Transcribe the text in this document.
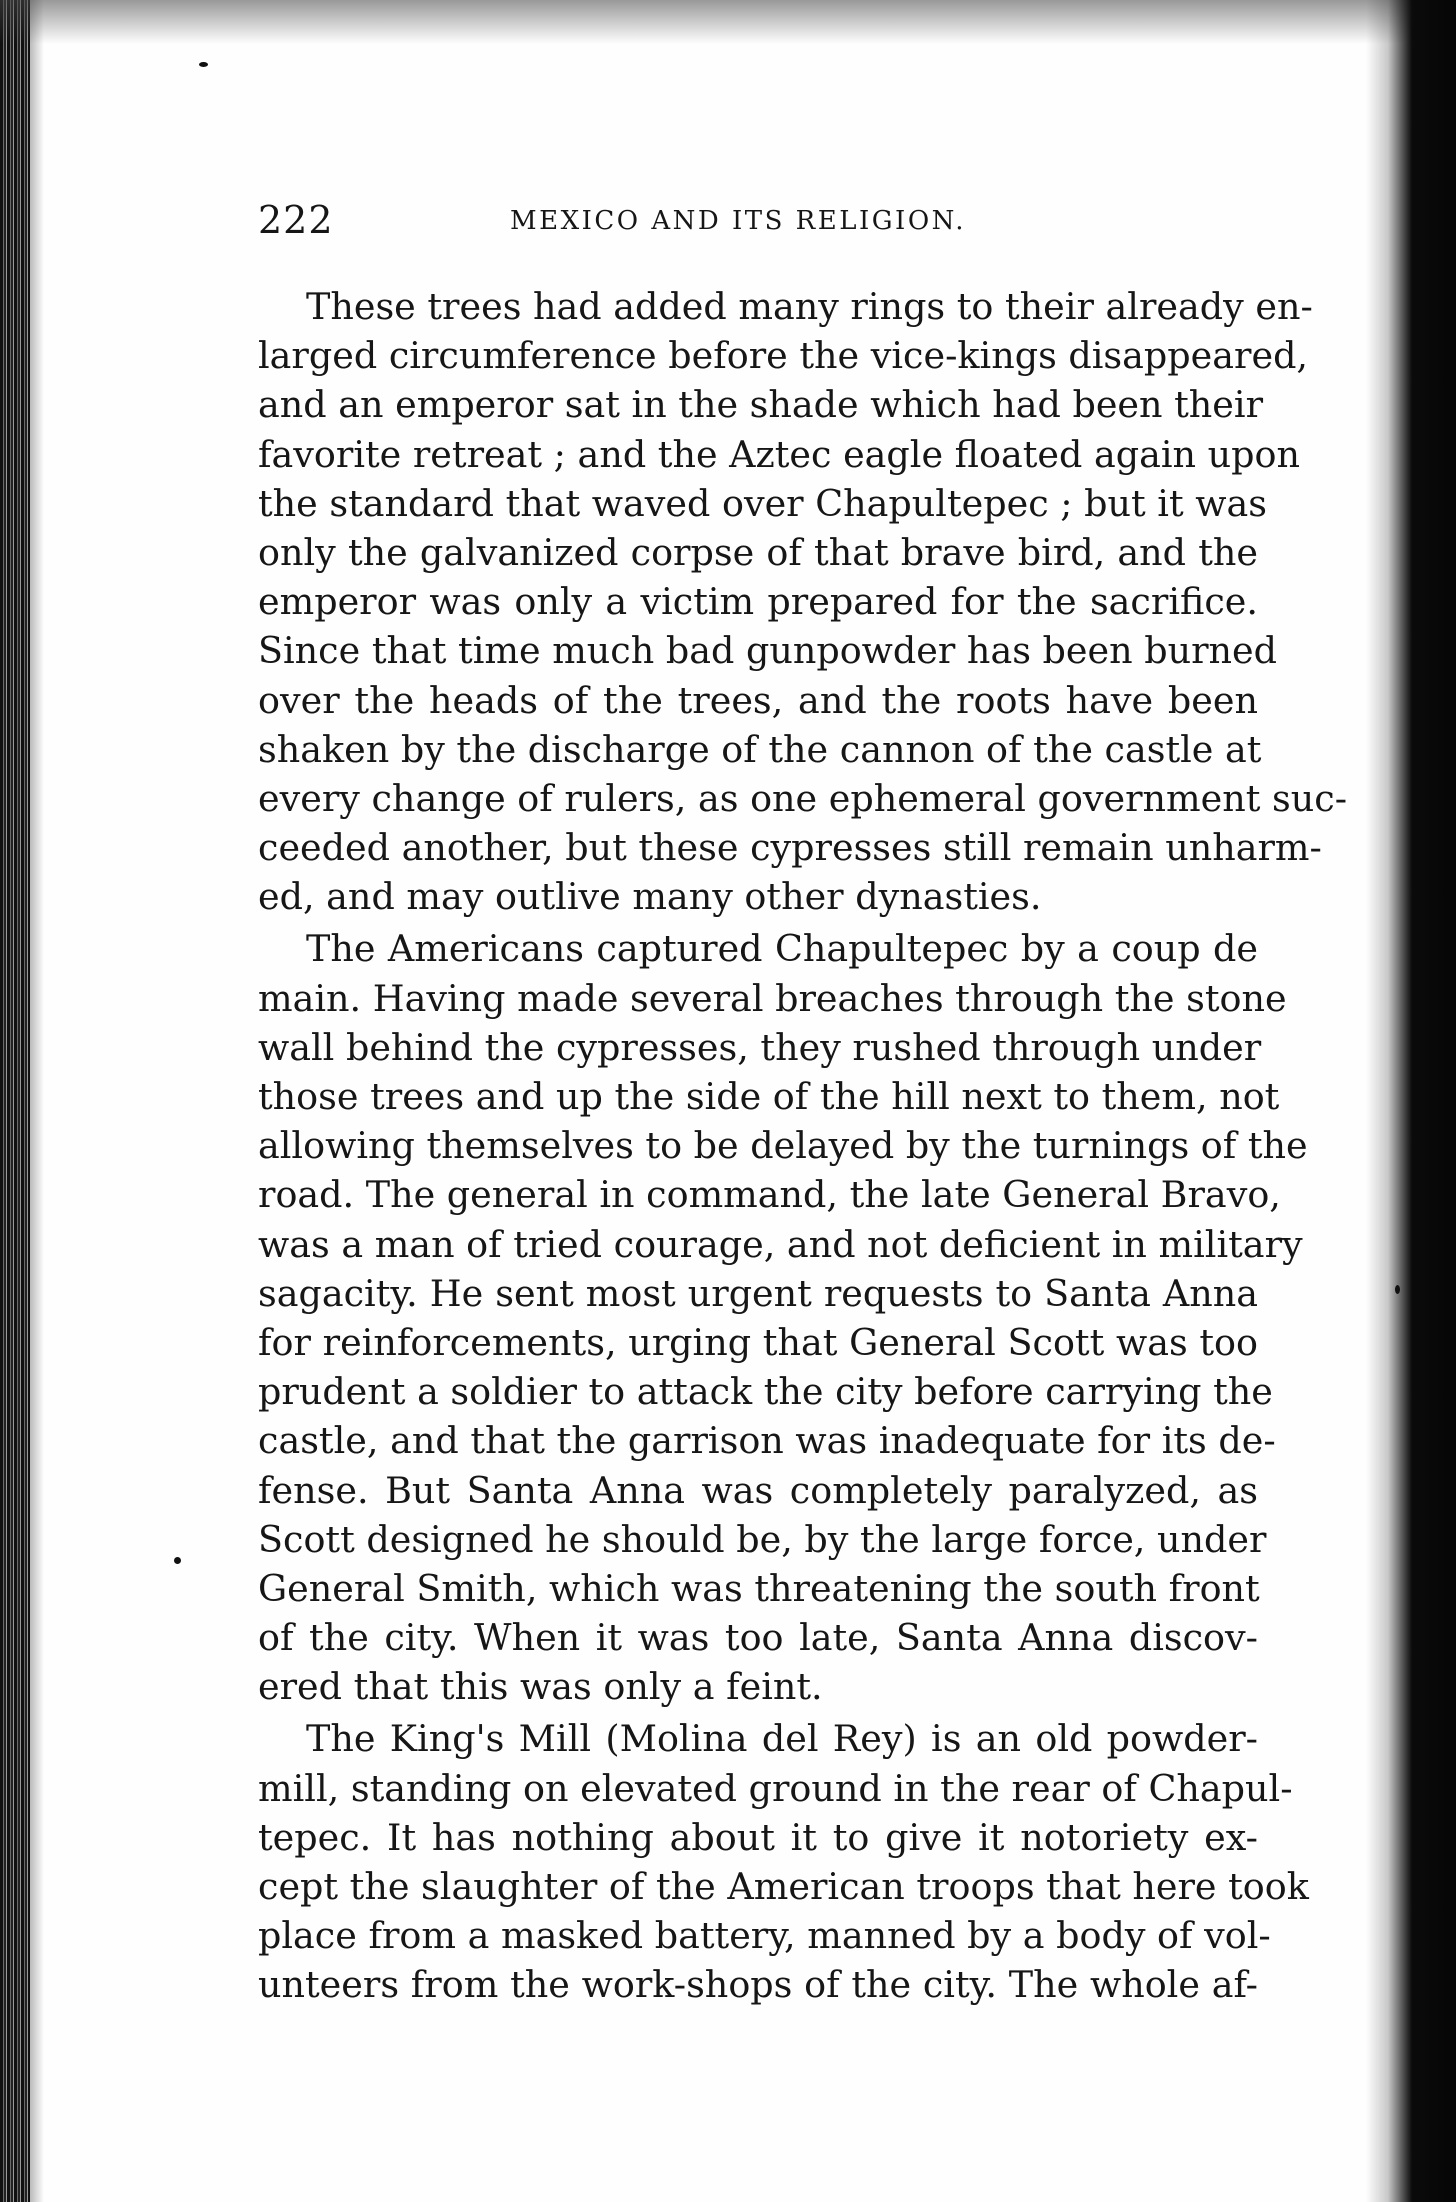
222	MEXICO AND ITS RELIGION.
These trees had added many rings to their already en-
larged circumference before the vice-kings disappeared,
and an emperor sat in the shade which had been their
favorite retreat ; and the Aztec eagle floated again upon
the standard that waved over Chapultepec ; but it was
only the galvanized corpse of that brave bird, and the
emperor was only a victim prepared for the sacrifice.
Since that time much bad gunpowder has been burned
over the heads of the trees, and the roots have been
shaken by the discharge of the cannon of the castle at
every change of rulers, as one ephemeral government suc-
ceeded another, but these cypresses still remain unharm-
ed, and may outlive many other dynasties.
The Americans captured Chapultepec by a coup de
main. Having made several breaches through the stone
wall behind the cypresses, they rushed through under
those trees and up the side of the hill next to them, not
allowing themselves to be delayed by the turnings of the
road. The general in command, the late General Bravo,
was a man of tried courage, and not deficient in military
sagacity. He sent most urgent requests to Santa Anna
for reinforcements, urging that General Scott was too
prudent a soldier to attack the city before carrying the
castle, and that the garrison was inadequate for its de-
fense. But Santa Anna was completely paralyzed, as
Scott designed he should be, by the large force, under
General Smith, which was threatening the south front
of the city. When it was too late, Santa Anna discov-
ered that this was only a feint.
The King's Mill (Molina del Rey) is an old powder-
mill, standing on elevated ground in the rear of Chapul-
tepec. It has nothing about it to give it notoriety ex-
cept the slaughter of the American troops that here took
place from a masked battery, manned by a body of vol-
unteers from the work-shops of the city. The whole af-
